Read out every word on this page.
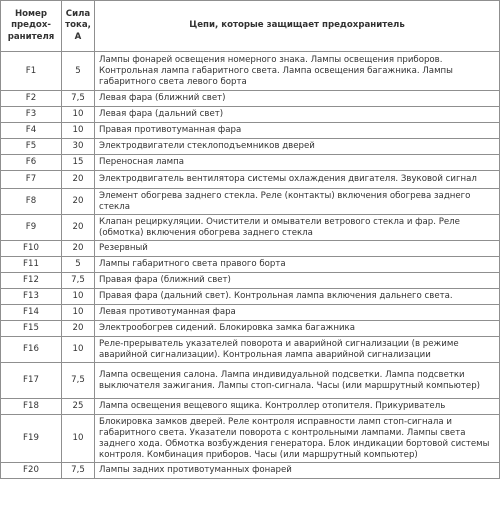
Номер предох-ранителя	Сила тока, А	Цепи, которые защищает предохранитель
F1	5	Лампы фонарей освещения номерного знака. Лампы освещения приборов. Контрольная лампа габаритного света. Лампа освещения багажника. Лампы габаритного света левого борта
F2	7,5	Левая фара (ближний свет)
F3	10	Левая фара (дальний свет)
F4	10	Правая противотуманная фара
F5	30	Электродвигатели стеклоподъемников дверей
F6	15	Переносная лампа
F7	20	Электродвигатель вентилятора системы охлаждения двигателя. Звуковой сигнал
F8	20	Элемент обогрева заднего стекла. Реле (контакты) включения обогрева заднего стекла
F9	20	Клапан рециркуляции. Очистители и омыватели ветрового стекла и фар. Реле (обмотка) включения обогрева заднего стекла
F10	20	Резервный
F11	5	Лампы габаритного света правого борта
F12	7,5	Правая фара (ближний свет)
F13	10	Правая фара (дальний свет). Контрольная лампа включения дальнего света.
F14	10	Левая противотуманная фара
F15	20	Электрообогрев сидений. Блокировка замка багажника
F16	10	Реле-прерыватель указателей поворота и аварийной сигнализации (в режиме аварийной сигнализации). Контрольная лампа аварийной сигнализации
F17	7,5	Лампа освещения салона. Лампа индивидуальной подсветки. Лампа подсветки выключателя зажигания. Лампы стоп-сигнала. Часы (или маршрутный компьютер)
F18	25	Лампа освещения вещевого ящика. Контроллер отопителя. Прикуриватель
F19	10	Блокировка замков дверей. Реле контроля исправности ламп стоп-сигнала и габаритного света. Указатели поворота с контрольными лампами. Лампы света заднего хода. Обмотка возбуждения генератора. Блок индикации бортовой системы контроля. Комбинация приборов. Часы (или маршрутный компьютер)
F20	7,5	Лампы задних противотуманных фонарей
